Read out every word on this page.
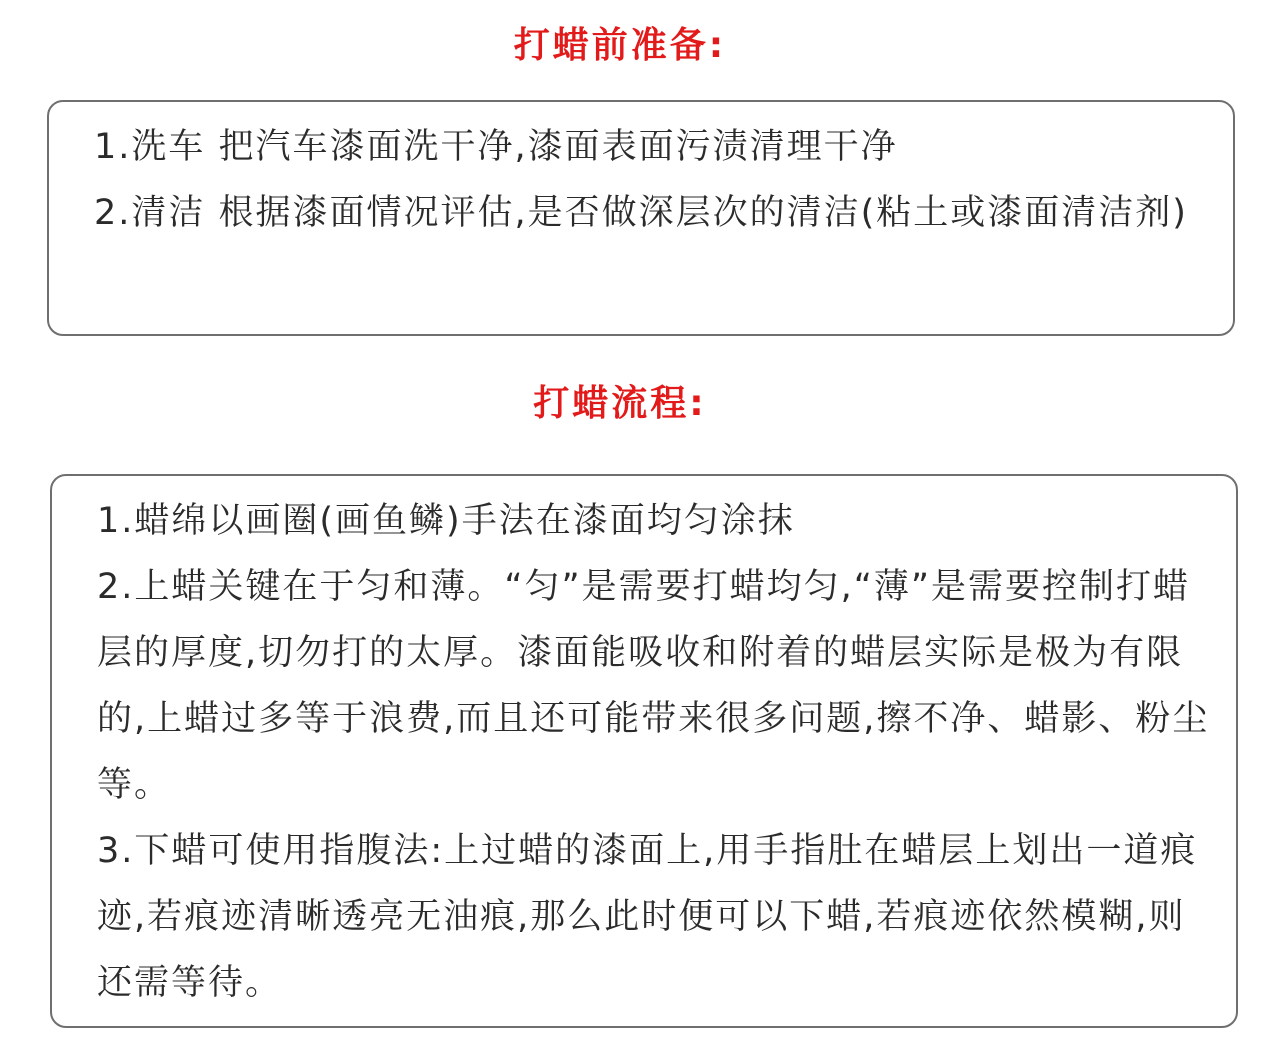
打蜡前准备:

1.洗车 把汽车漆面洗干净,漆面表面污渍清理干净

2.清洁 根据漆面情况评估,是否做深层次的清洁(粘土或漆面清洁剂)

打蜡流程:

1.蜡绵以画圈(画鱼鳞)手法在漆面均匀涂抹

2.上蜡关键在于匀和薄。“匀”是需要打蜡均匀,“薄”是需要控制打蜡层的厚度,切勿打的太厚。漆面能吸收和附着的蜡层实际是极为有限的,上蜡过多等于浪费,而且还可能带来很多问题,擦不净、蜡影、粉尘等。

3.下蜡可使用指腹法:上过蜡的漆面上,用手指肚在蜡层上划出一道痕迹,若痕迹清晰透亮无油痕,那么此时便可以下蜡,若痕迹依然模糊,则还需等待。
